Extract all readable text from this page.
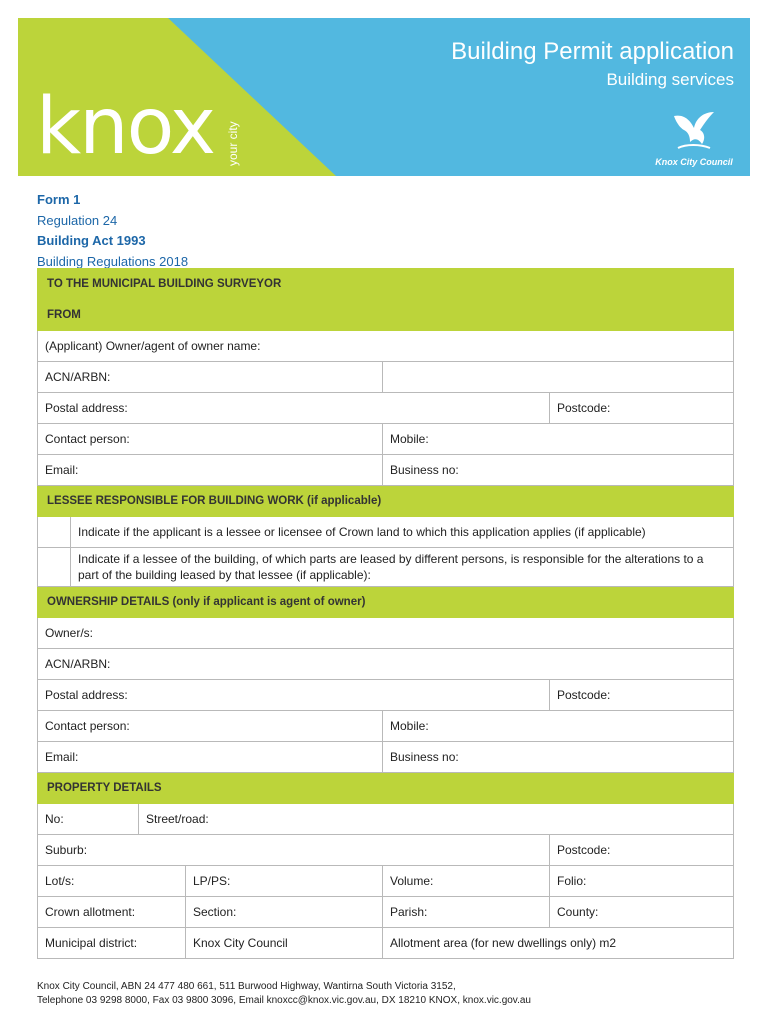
knox your city
Building Permit application
Building services
Knox City Council
Form 1
Regulation 24
Building Act 1993
Building Regulations 2018
TO THE MUNICIPAL BUILDING SURVEYOR					
FROM					
(Applicant) Owner/agent of owner name:					
ACN/ARBN:					
Postal address:					Postcode:
Contact person:				Mobile:	
Email:				Business no:	
LESSEE RESPONSIBLE FOR BUILDING WORK (if applicable)					
	Indicate if the applicant is a lessee or licensee of Crown land to which this application applies (if applicable)				
	Indicate if a lessee of the building, of which parts are leased by different persons, is responsible for the alterations to a part of the building leased by that lessee (if applicable):				
OWNERSHIP DETAILS (only if applicant is agent of owner)					
Owner/s:					
ACN/ARBN:					
Postal address:					Postcode:
Contact person:				Mobile:	
Email:				Business no:	
PROPERTY DETAILS					
No:		Street/road:			
Suburb:					Postcode:
Lot/s:			LP/PS:	Volume:	Folio:
Crown allotment:			Section:	Parish:	County:
Municipal district:			Knox City Council	Allotment area (for new dwellings only) m2	
Knox City Council, ABN 24 477 480 661, 511 Burwood Highway, Wantirna South Victoria 3152,
Telephone 03 9298 8000, Fax 03 9800 3096, Email knoxcc@knox.vic.gov.au, DX 18210 KNOX, knox.vic.gov.au
